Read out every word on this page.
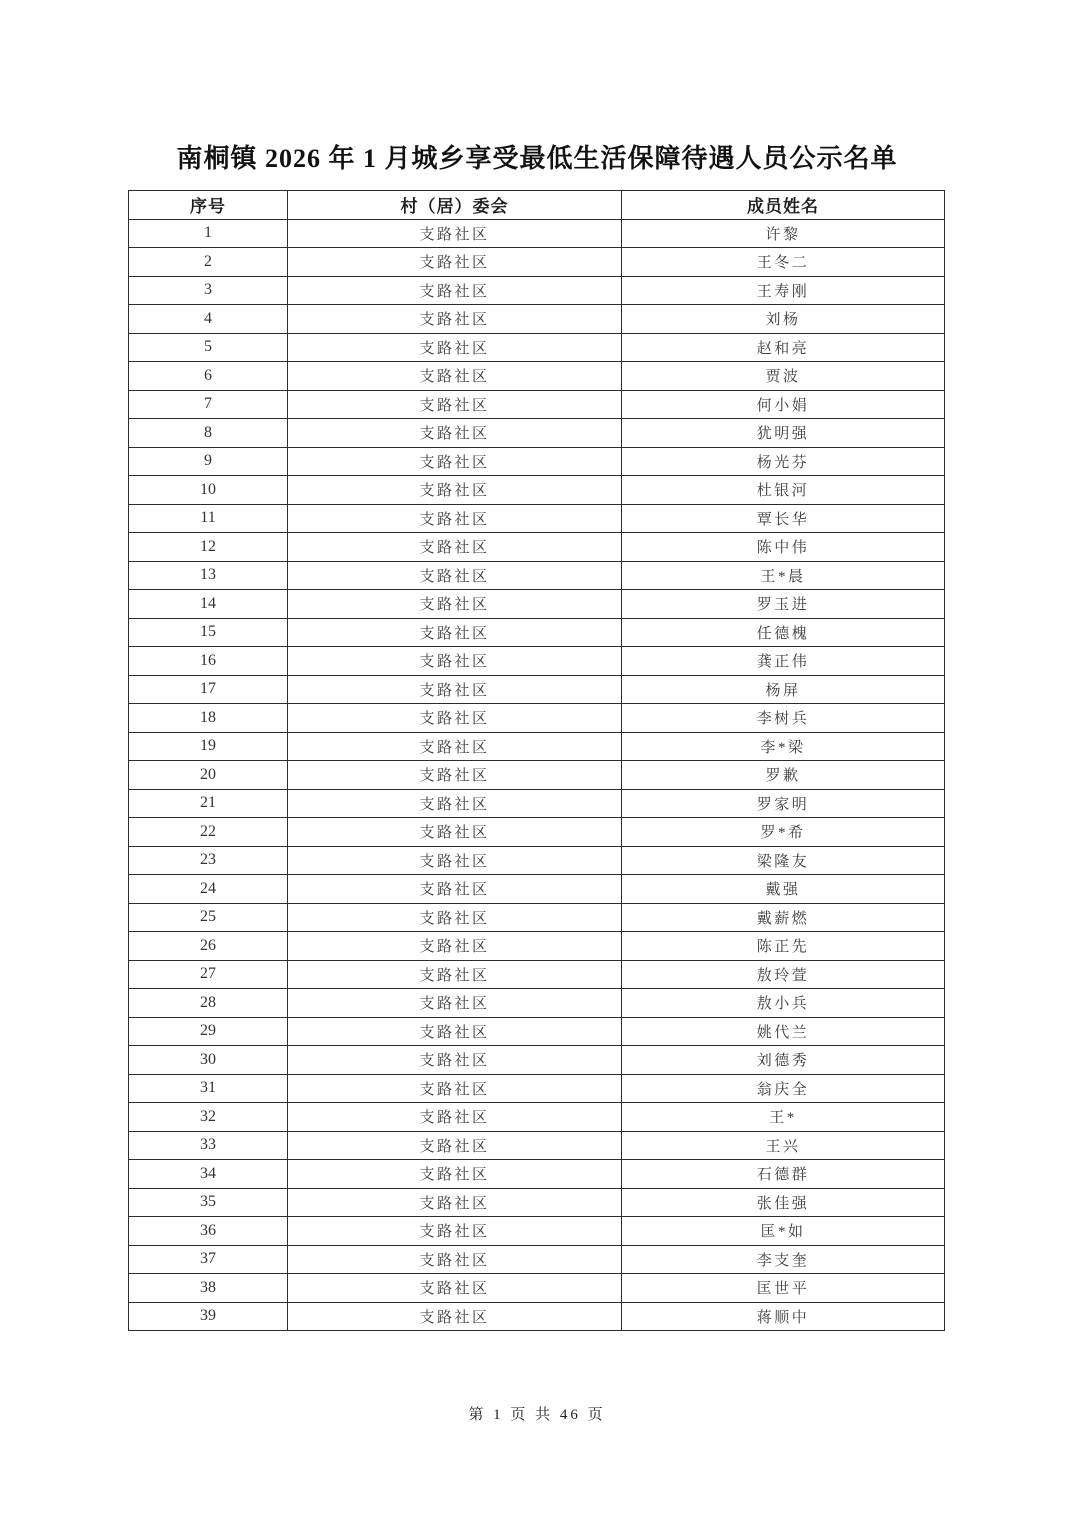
南桐镇 2026 年 1 月城乡享受最低生活保障待遇人员公示名单
序号	村（居）委会	成员姓名
1	支路社区	许黎
2	支路社区	王冬二
3	支路社区	王寿刚
4	支路社区	刘杨
5	支路社区	赵和亮
6	支路社区	贾波
7	支路社区	何小娟
8	支路社区	犹明强
9	支路社区	杨光芬
10	支路社区	杜银河
11	支路社区	覃长华
12	支路社区	陈中伟
13	支路社区	王*晨
14	支路社区	罗玉进
15	支路社区	任德槐
16	支路社区	龚正伟
17	支路社区	杨屏
18	支路社区	李树兵
19	支路社区	李*梁
20	支路社区	罗歉
21	支路社区	罗家明
22	支路社区	罗*希
23	支路社区	梁隆友
24	支路社区	戴强
25	支路社区	戴薪燃
26	支路社区	陈正先
27	支路社区	敖玲萱
28	支路社区	敖小兵
29	支路社区	姚代兰
30	支路社区	刘德秀
31	支路社区	翁庆全
32	支路社区	王*
33	支路社区	王兴
34	支路社区	石德群
35	支路社区	张佳强
36	支路社区	匡*如
37	支路社区	李支奎
38	支路社区	匡世平
39	支路社区	蒋顺中
第 1 页 共 46 页
